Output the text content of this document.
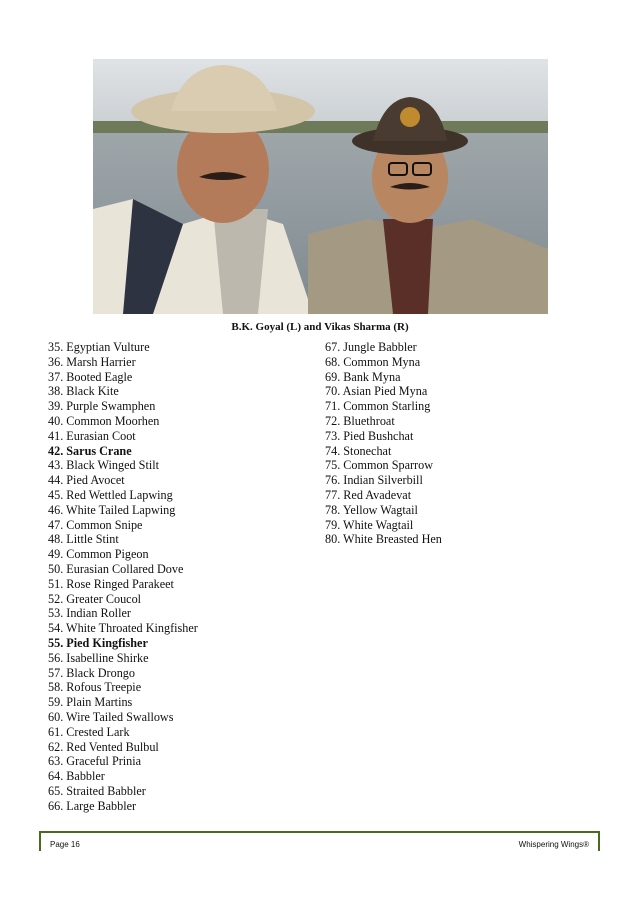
B.K. Goyal (L) and Vikas Sharma (R)
35. Egyptian Vulture
36. Marsh Harrier
37. Booted Eagle
38. Black Kite
39. Purple Swamphen
40. Common Moorhen
41. Eurasian Coot
42. Sarus Crane
43. Black Winged Stilt
44. Pied Avocet
45. Red Wettled Lapwing
46. White Tailed Lapwing
47. Common Snipe
48. Little Stint
49. Common Pigeon
50. Eurasian Collared Dove
51. Rose Ringed Parakeet
52. Greater Coucol
53. Indian Roller
54. White Throated Kingfisher
55. Pied Kingfisher
56. Isabelline Shirke
57. Black Drongo
58. Rofous Treepie
59. Plain Martins
60. Wire Tailed Swallows
61. Crested Lark
62. Red Vented Bulbul
63. Graceful Prinia
64. Babbler
65. Straited Babbler
66. Large Babbler
67. Jungle Babbler
68. Common Myna
69. Bank Myna
70. Asian Pied Myna
71. Common Starling
72. Bluethroat
73. Pied Bushchat
74. Stonechat
75. Common Sparrow
76. Indian Silverbill
77. Red Avadevat
78. Yellow Wagtail
79. White Wagtail
80. White Breasted Hen
Page 16	Whispering Wings®
